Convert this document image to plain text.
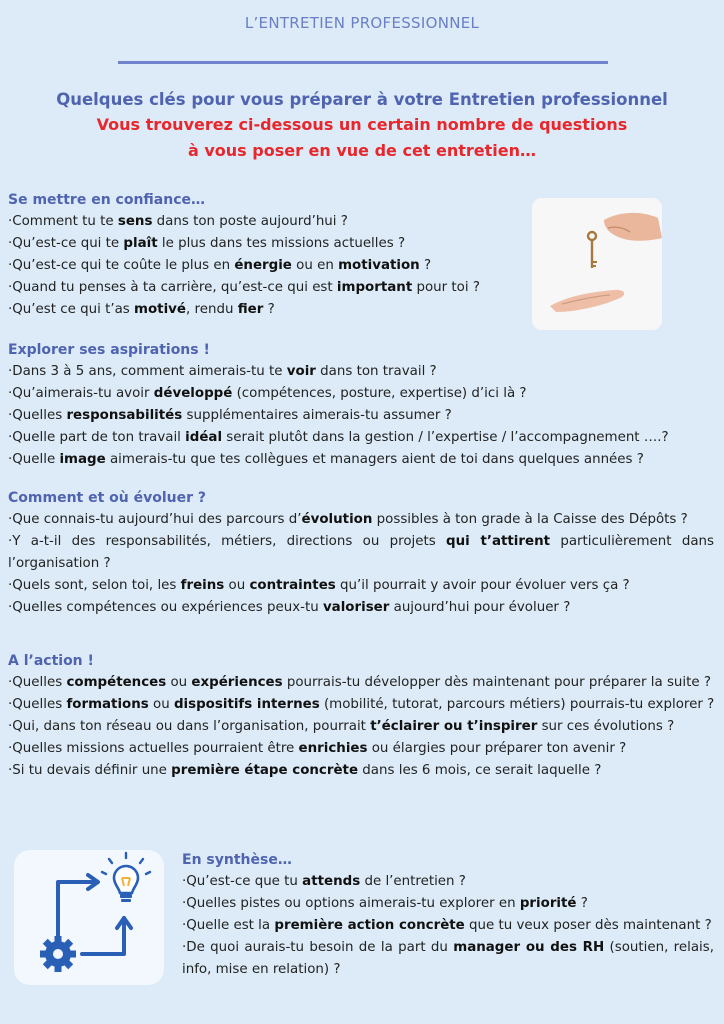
L’ENTRETIEN PROFESSIONNEL
Quelques clés pour vous préparer à votre Entretien professionnel
Vous trouverez ci-dessous un certain nombre de questions
à vous poser en vue de cet entretien…
Se mettre en confiance…
·Comment tu te sens dans ton poste aujourd’hui ?
·Qu’est-ce qui te plaît le plus dans tes missions actuelles ?
·Qu’est-ce qui te coûte le plus en énergie ou en motivation ?
·Quand tu penses à ta carrière, qu’est-ce qui est important pour toi ?
·Qu’est ce qui t’as motivé, rendu fier ?
Explorer ses aspirations !
·Dans 3 à 5 ans, comment aimerais-tu te voir dans ton travail ?
·Qu’aimerais-tu avoir développé (compétences, posture, expertise) d’ici là ?
·Quelles responsabilités supplémentaires aimerais-tu assumer ?
·Quelle part de ton travail idéal serait plutôt dans la gestion / l’expertise / l’accompagnement ….?
·Quelle image aimerais-tu que tes collègues et managers aient de toi dans quelques années ?
Comment et où évoluer ?
·Que connais-tu aujourd’hui des parcours d’évolution possibles à ton grade à la Caisse des Dépôts ?
·Y a-t-il des responsabilités, métiers, directions ou projets qui t’attirent particulièrement dans l’organisation ?
·Quels sont, selon toi, les freins ou contraintes qu’il pourrait y avoir pour évoluer vers ça ?
·Quelles compétences ou expériences peux-tu valoriser aujourd’hui pour évoluer ?
A l’action !
·Quelles compétences ou expériences pourrais-tu développer dès maintenant pour préparer la suite ?
·Quelles formations ou dispositifs internes (mobilité, tutorat, parcours métiers) pourrais-tu explorer ?
·Qui, dans ton réseau ou dans l’organisation, pourrait t’éclairer ou t’inspirer sur ces évolutions ?
·Quelles missions actuelles pourraient être enrichies ou élargies pour préparer ton avenir ?
·Si tu devais définir une première étape concrète dans les 6 mois, ce serait laquelle ?
En synthèse…
·Qu’est-ce que tu attends de l’entretien ?
·Quelles pistes ou options aimerais-tu explorer en priorité ?
·Quelle est la première action concrète que tu veux poser dès maintenant ?
·De quoi aurais-tu besoin de la part du manager ou des RH (soutien, relais, info, mise en relation) ?
